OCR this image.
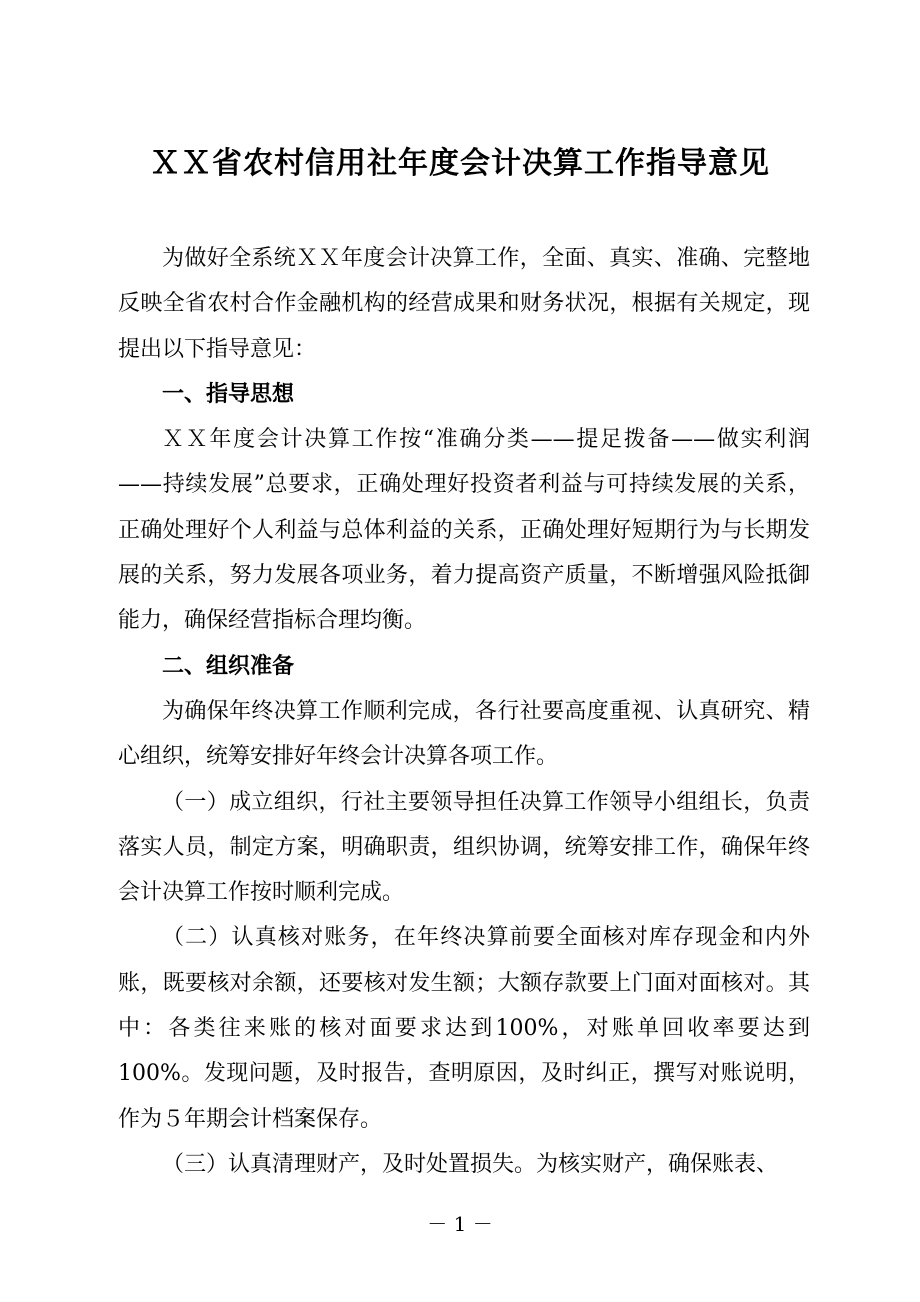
ＸＸ省农村信用社年度会计决算工作指导意见

为做好全系统ＸＸ年度会计决算工作，全面、真实、准确、完整地反映全省农村合作金融机构的经营成果和财务状况，根据有关规定，现提出以下指导意见：

一、指导思想

ＸＸ年度会计决算工作按“准确分类——提足拨备——做实利润——持续发展”总要求，正确处理好投资者利益与可持续发展的关系，正确处理好个人利益与总体利益的关系，正确处理好短期行为与长期发展的关系，努力发展各项业务，着力提高资产质量，不断增强风险抵御能力，确保经营指标合理均衡。

二、组织准备

为确保年终决算工作顺利完成，各行社要高度重视、认真研究、精心组织，统筹安排好年终会计决算各项工作。

（一）成立组织，行社主要领导担任决算工作领导小组组长，负责落实人员，制定方案，明确职责，组织协调，统筹安排工作，确保年终会计决算工作按时顺利完成。

（二）认真核对账务，在年终决算前要全面核对库存现金和内外账，既要核对余额，还要核对发生额；大额存款要上门面对面核对。其中：各类往来账的核对面要求达到100%，对账单回收率要达到100%。发现问题，及时报告，查明原因，及时纠正，撰写对账说明，作为５年期会计档案保存。

（三）认真清理财产，及时处置损失。为核实财产，确保账表、

－ 1 －
